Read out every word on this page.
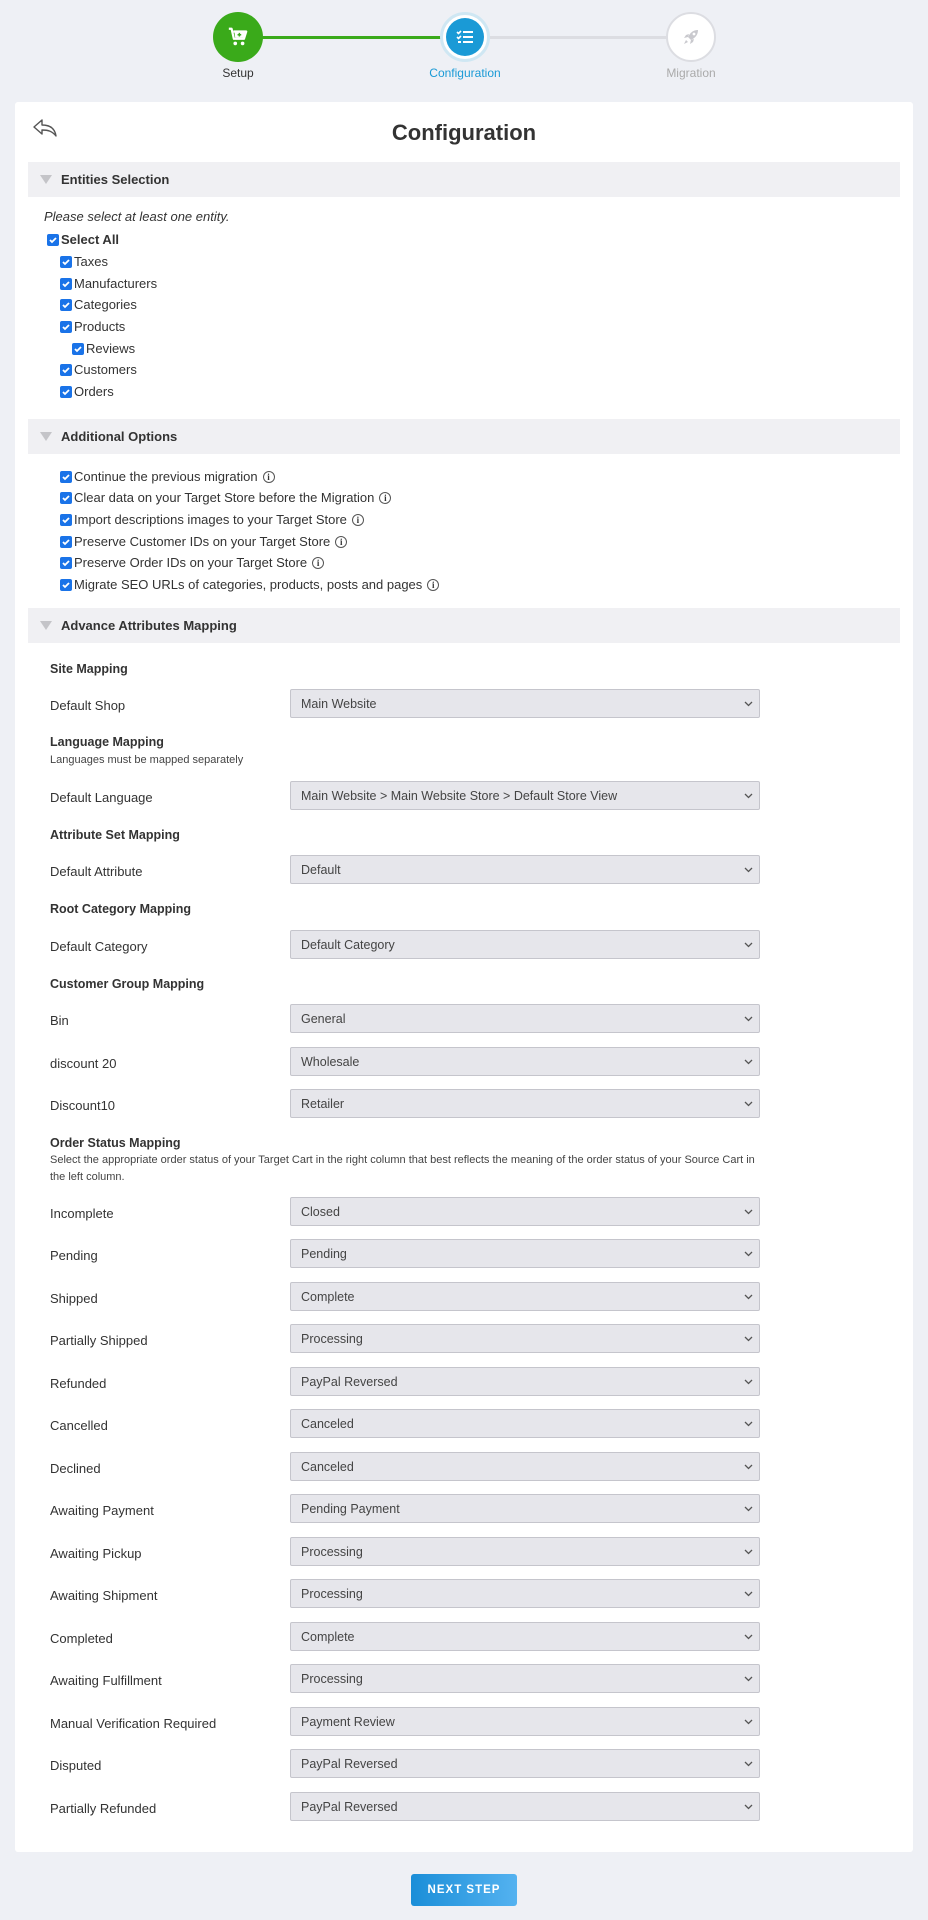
Setup	Configuration	Migration
Configuration
Entities Selection
Please select at least one entity.
Select All
Taxes
Manufacturers
Categories
Products
Reviews
Customers
Orders
Additional Options
Continue the previous migration	i
Clear data on your Target Store before the Migration	i
Import descriptions images to your Target Store	i
Preserve Customer IDs on your Target Store	i
Preserve Order IDs on your Target Store	i
Migrate SEO URLs of categories, products, posts and pages	i
Advance Attributes Mapping
Site Mapping
Default Shop	Main Website
Language Mapping
Languages must be mapped separately
Default Language	Main Website > Main Website Store > Default Store View
Attribute Set Mapping
Default Attribute	Default
Root Category Mapping
Default Category	Default Category
Customer Group Mapping
Bin	General
discount 20	Wholesale
Discount10	Retailer
Order Status Mapping
Select the appropriate order status of your Target Cart in the right column that best reflects the meaning of the order status of your Source Cart in the left column.
Incomplete	Closed
Pending	Pending
Shipped	Complete
Partially Shipped	Processing
Refunded	PayPal Reversed
Cancelled	Canceled
Declined	Canceled
Awaiting Payment	Pending Payment
Awaiting Pickup	Processing
Awaiting Shipment	Processing
Completed	Complete
Awaiting Fulfillment	Processing
Manual Verification Required	Payment Review
Disputed	PayPal Reversed
Partially Refunded	PayPal Reversed
NEXT STEP
